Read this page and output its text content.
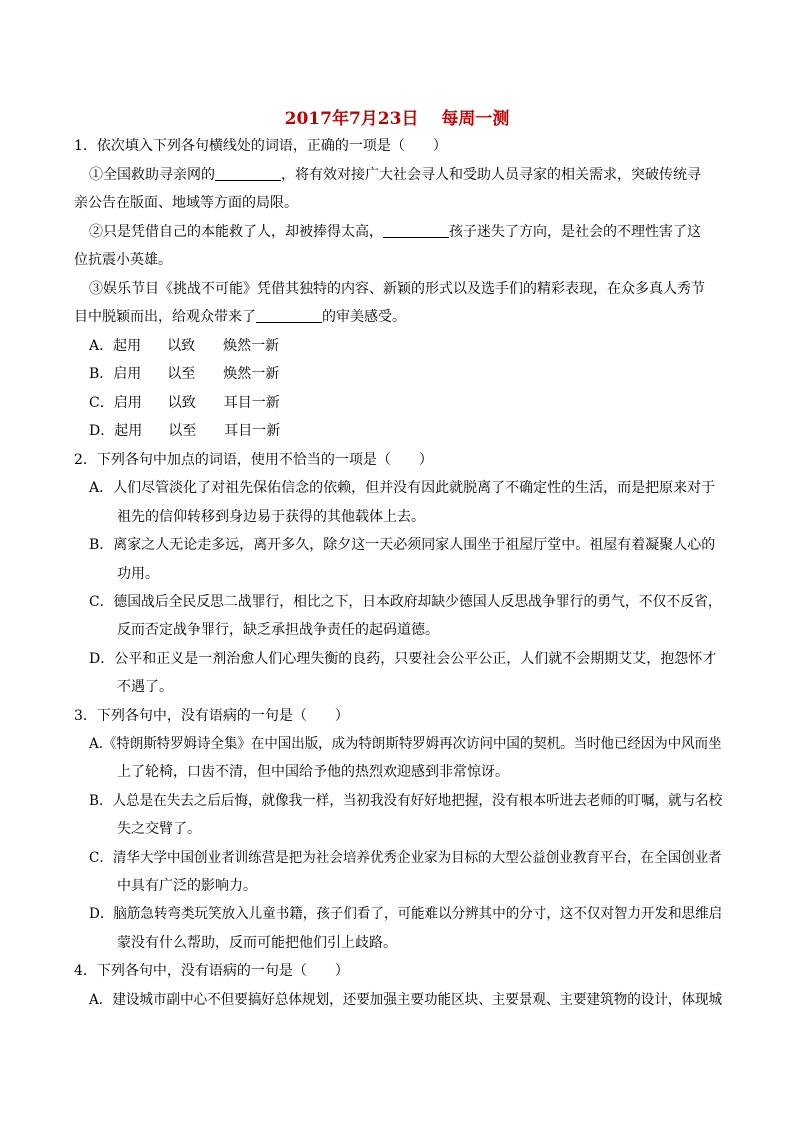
2017年7月23日　 每周一测
1．依次填入下列各句横线处的词语，正确的一项是（　　）
①全国救助寻亲网的	，将有效对接广大社会寻人和受助人员寻家的相关需求，突破传统寻
亲公告在版面、地域等方面的局限。
②只是凭借自己的本能救了人，却被捧得太高，	孩子迷失了方向，是社会的不理性害了这
位抗震小英雄。
③娱乐节目《挑战不可能》凭借其独特的内容、新颖的形式以及选手们的精彩表现，在众多真人秀节
目中脱颖而出，给观众带来了	的审美感受。
A．起用 以致 焕然一新
B．启用 以至 焕然一新
C．启用 以致 耳目一新
D．起用 以至 耳目一新
2．下列各句中加点的词语，使用不恰当的一项是（　　）
A．人们尽管淡化了对祖先保佑信念的依赖，但并没有因此就脱离了不确定性的生活，而是把原来对于
祖先的信仰转移到身边易于获得的其他载体上去。
B．离家之人无论走多远，离开多久，除夕这一天必须同家人围坐于祖屋厅堂中。祖屋有着凝聚人心的
功用。
C．德国战后全民反思二战罪行，相比之下，日本政府却缺少德国人反思战争罪行的勇气，不仅不反省，
反而否定战争罪行，缺乏承担战争责任的起码道德。
D．公平和正义是一剂治愈人们心理失衡的良药，只要社会公平公正，人们就不会期期艾艾，抱怨怀才
不遇了。
3．下列各句中，没有语病的一句是（　　）
A.《特朗斯特罗姆诗全集》在中国出版，成为特朗斯特罗姆再次访问中国的契机。当时他已经因为中风而坐
上了轮椅，口齿不清，但中国给予他的热烈欢迎感到非常惊讶。
B．人总是在失去之后后悔，就像我一样，当初我没有好好地把握，没有根本听进去老师的叮嘱，就与名校
失之交臂了。
C．清华大学中国创业者训练营是把为社会培养优秀企业家为目标的大型公益创业教育平台，在全国创业者
中具有广泛的影响力。
D．脑筋急转弯类玩笑放入儿童书籍，孩子们看了，可能难以分辨其中的分寸，这不仅对智力开发和思维启
蒙没有什么帮助，反而可能把他们引上歧路。
4．下列各句中，没有语病的一句是（　　）
A．建设城市副中心不但要搞好总体规划，还要加强主要功能区块、主要景观、主要建筑物的设计，体现城
